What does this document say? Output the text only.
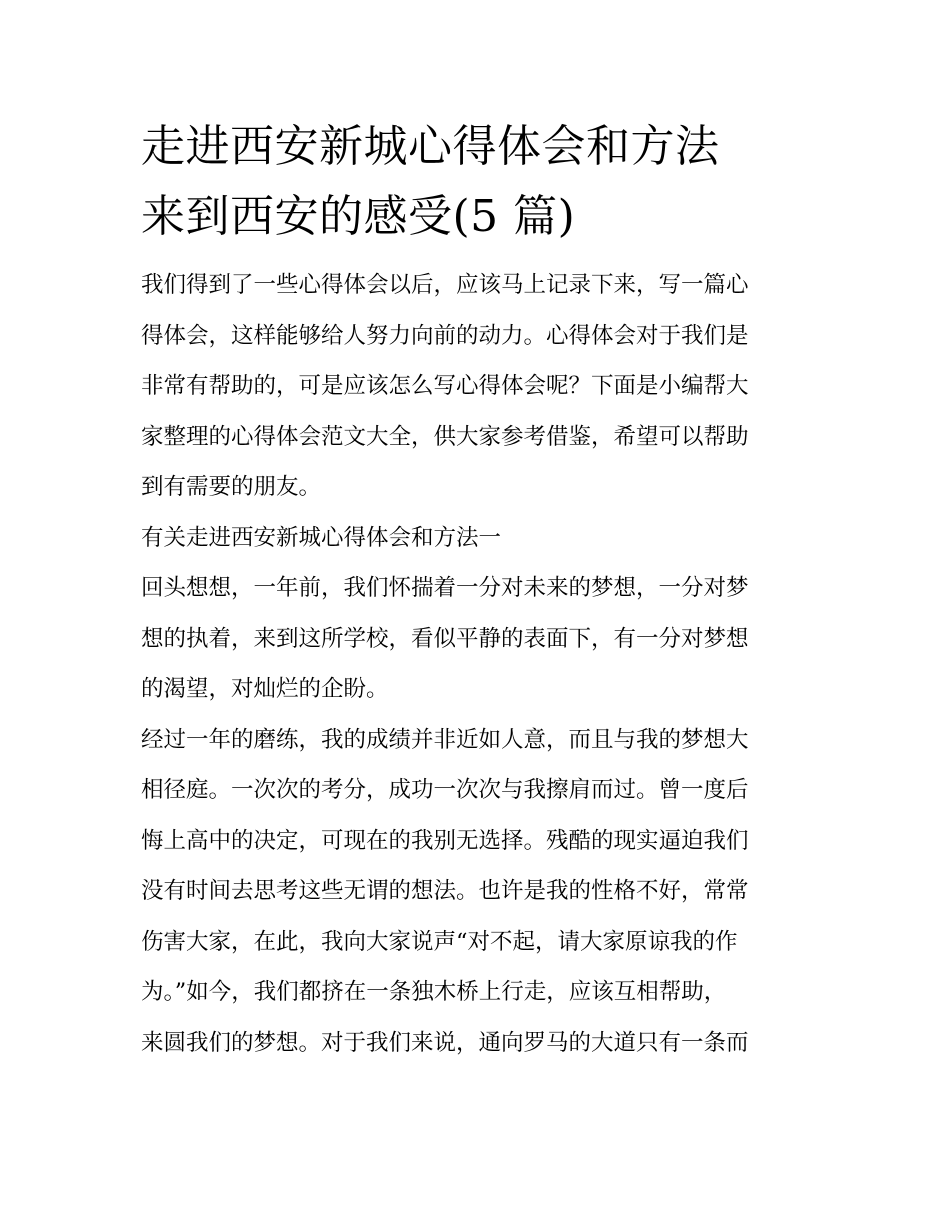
走进西安新城心得体会和方法
来到西安的感受(5 篇)
我们得到了一些心得体会以后，应该马上记录下来，写一篇心
得体会，这样能够给人努力向前的动力。心得体会对于我们是
非常有帮助的，可是应该怎么写心得体会呢？下面是小编帮大
家整理的心得体会范文大全，供大家参考借鉴，希望可以帮助
到有需要的朋友。
有关走进西安新城心得体会和方法一
回头想想，一年前，我们怀揣着一分对未来的梦想，一分对梦
想的执着，来到这所学校，看似平静的表面下，有一分对梦想
的渴望，对灿烂的企盼。
经过一年的磨练，我的成绩并非近如人意，而且与我的梦想大
相径庭。一次次的考分，成功一次次与我擦肩而过。曾一度后
悔上高中的决定，可现在的我别无选择。残酷的现实逼迫我们
没有时间去思考这些无谓的想法。也许是我的性格不好，常常
伤害大家，在此，我向大家说声“对不起，请大家原谅我的作
为。”如今，我们都挤在一条独木桥上行走，应该互相帮助，
来圆我们的梦想。对于我们来说，通向罗马的大道只有一条而
